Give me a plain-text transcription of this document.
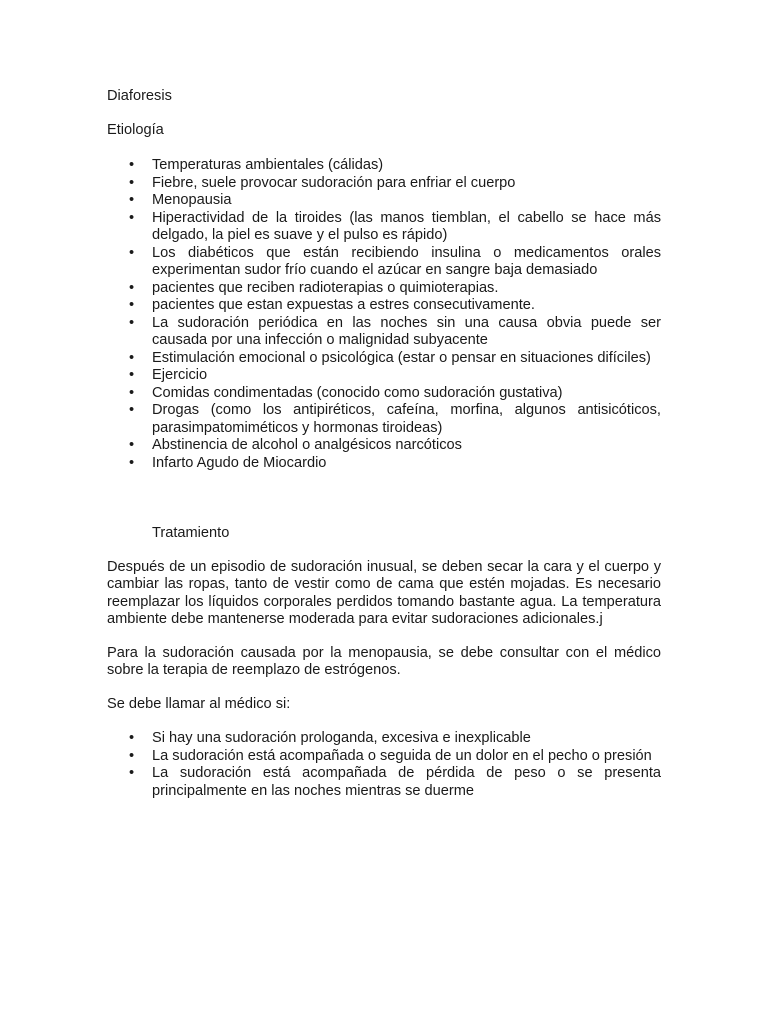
Diaforesis
Etiología
•	Temperaturas ambientales (cálidas)
•	Fiebre, suele provocar sudoración para enfriar el cuerpo
•	Menopausia
•	Hiperactividad de la tiroides (las manos tiemblan, el cabello se hace más delgado, la piel es suave y el pulso es rápido)
•	Los diabéticos que están recibiendo insulina o medicamentos orales experimentan sudor frío cuando el azúcar en sangre baja demasiado
•	pacientes que reciben radioterapias o quimioterapias.
•	pacientes que estan expuestas a estres consecutivamente.
•	La sudoración periódica en las noches sin una causa obvia puede ser causada por una infección o malignidad subyacente
•	Estimulación emocional o psicológica (estar o pensar en situaciones difíciles)
•	Ejercicio
•	Comidas condimentadas (conocido como sudoración gustativa)
•	Drogas (como los antipiréticos, cafeína, morfina, algunos antisicóticos, parasimpatomiméticos y hormonas tiroideas)
•	Abstinencia de alcohol o analgésicos narcóticos
•	Infarto Agudo de Miocardio
Tratamiento

Después de un episodio de sudoración inusual, se deben secar la cara y el cuerpo y cambiar las ropas, tanto de vestir como de cama que estén mojadas. Es necesario reemplazar los líquidos corporales perdidos tomando bastante agua. La temperatura ambiente debe mantenerse moderada para evitar sudoraciones adicionales.j

Para la sudoración causada por la menopausia, se debe consultar con el médico sobre la terapia de reemplazo de estrógenos.

Se debe llamar al médico si:

•	Si hay una sudoración prologanda, excesiva e inexplicable
•	La sudoración está acompañada o seguida de un dolor en el pecho o presión
•	La sudoración está acompañada de pérdida de peso o se presenta principalmente en las noches mientras se duerme
